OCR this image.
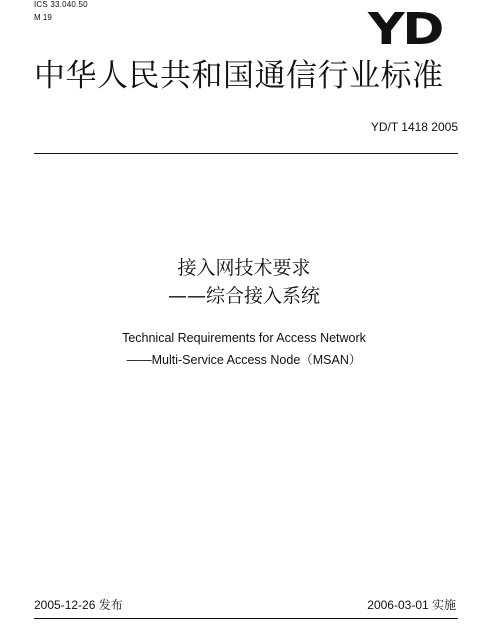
ICS 33.040.50
M 19	YD
中华人民共和国通信行业标准
YD/T 1418 2005
接入网技术要求
——综合接入系统
Technical Requirements for Access Network
——Multi-Service Access Node（MSAN）
2005-12-26 发布	2006-03-01 实施
